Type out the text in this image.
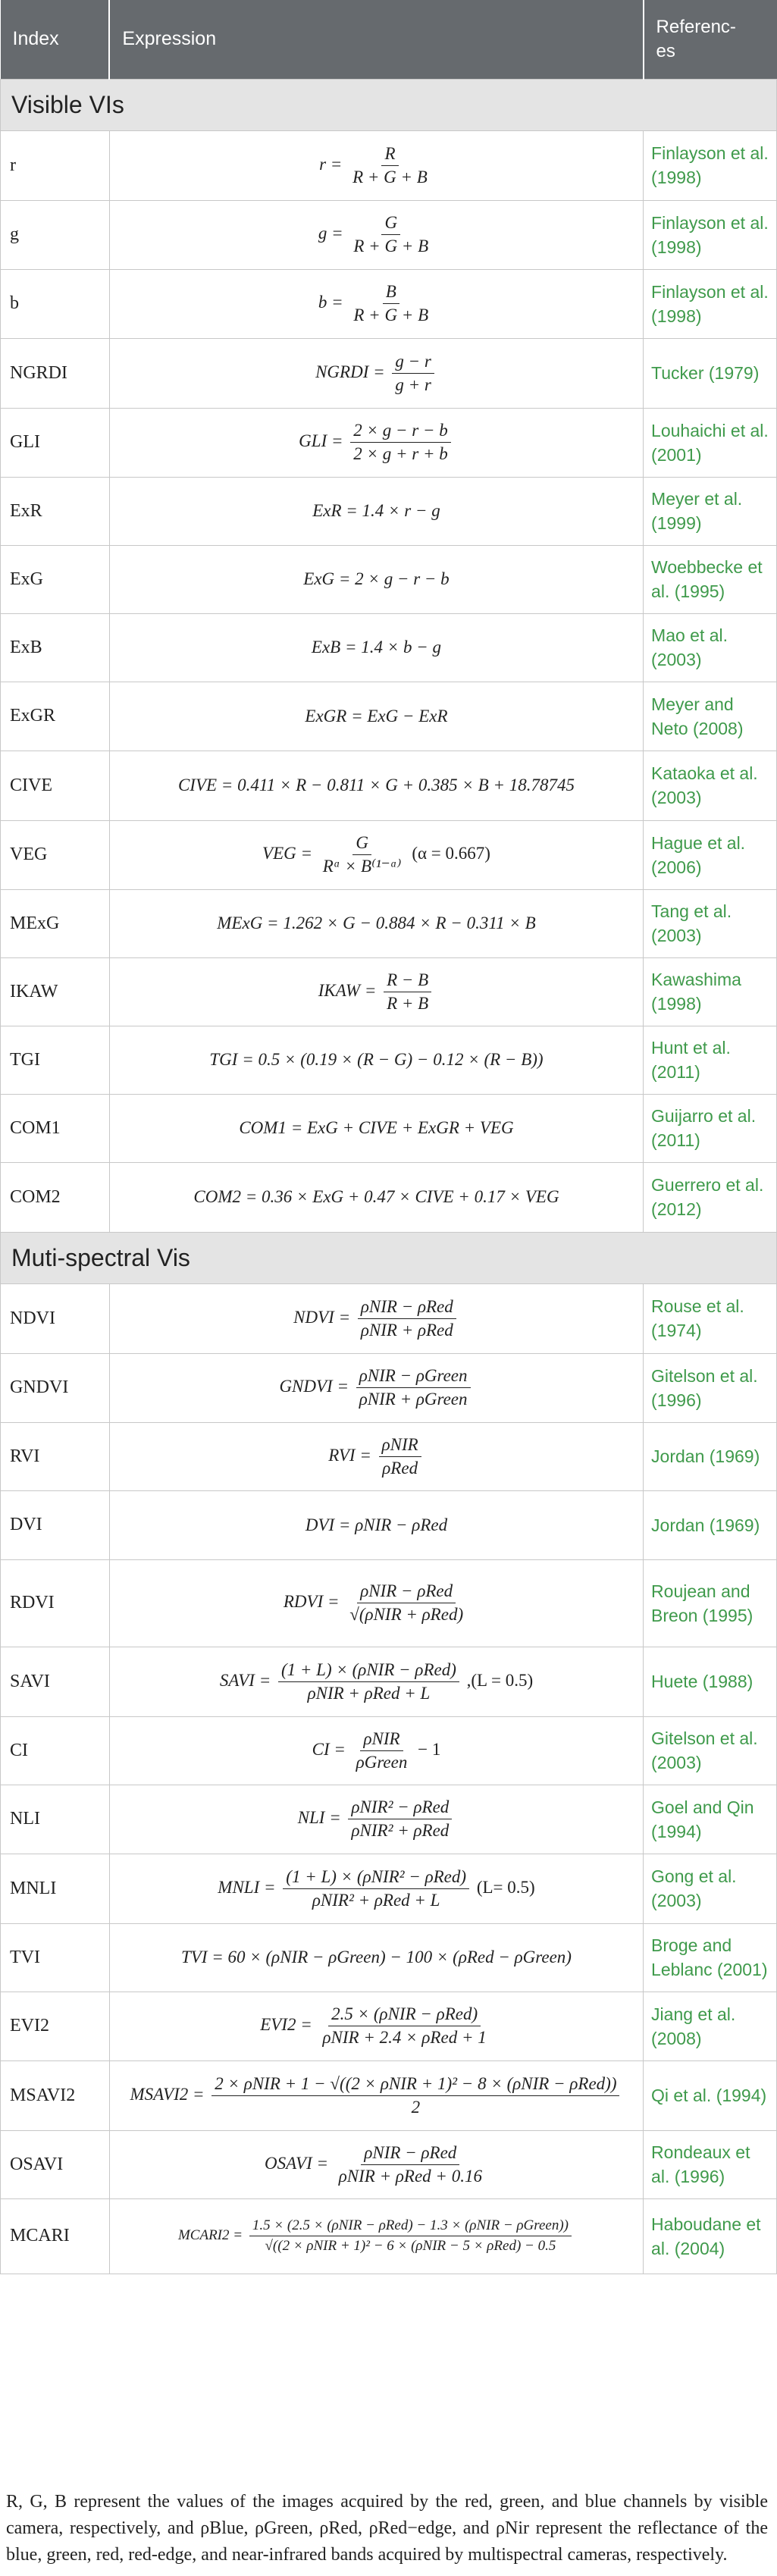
Index	Expression	Referenc-
es
Visible VIs		
r	$r = \frac{R}{R + G + B}$	Finlayson et al. (1998)
g	$g = \frac{G}{R + G + B}$	Finlayson et al. (1998)
b	$b = \frac{B}{R + G + B}$	Finlayson et al. (1998)
NGRDI	NGRDI = $\frac{g - r}{g + r}$	Tucker (1979)
GLI	GLI = $\frac{2 \times g - r - b}{2 \times g + r + b}$	Louhaichi et al. (2001)
ExR	ExR = 1.4 × r − g	Meyer et al. (1999)
ExG	ExG = 2 × g − r − b	Woebbecke et al. (1995)
ExB	ExB = 1.4 × b − g	Mao et al. (2003)
ExGR	ExGR = ExG − ExR	Meyer and Neto (2008)
CIVE	CIVE = 0.411 × R − 0.811 × G + 0.385 × B + 18.78745	Kataoka et al. (2003)
VEG	VEG = $\frac{G}{\text{Rᵅ × B⁽¹⁻ᵅ⁾}} (\alpha = 0.667)$	Hague et al. (2006)
MExG	MExG = 1.262 × G − 0.884 × R − 0.311 × B	Tang et al. (2003)
IKAW	IKAW = $\frac{R - B}{R + B}$	Kawashima (1998)
TGI	TGI = 0.5 × (0.19 × (R − G) − 0.12 × (R − B))	Hunt et al. (2011)
COM1	COM1 = ExG + CIVE + ExGR + VEG	Guijarro et al. (2011)
COM2	COM2 = 0.36 × ExG + 0.47 × CIVE + 0.17 × VEG	Guerrero et al. (2012)
Muti-spectral Vis		
NDVI	NDVI = $\frac{\text{ρNIR − ρRed}}{\text{ρNIR + ρRed}}$	Rouse et al. (1974)
GNDVI	GNDVI = $\frac{\text{ρNIR − ρGreen}}{\text{ρNIR + ρGreen}}$	Gitelson et al. (1996)
RVI	RVI = $\frac{\text{ρNIR}}{\text{ρRed}}$	Jordan (1969)
DVI	DVI = ρNIR − ρRed	Jordan (1969)
RDVI	RDVI = $\frac{\text{ρNIR − ρRed}}{\text{√(ρNIR + ρRed)}}$	Roujean and Breon (1995)
SAVI	SAVI = $\frac{\text{(1 + L) × (ρNIR − ρRed)}}{\text{ρNIR + ρRed + L}} ,(L = 0.5)$	Huete (1988)
CI	CI = $\frac{\text{ρNIR}}{\text{ρGreen}} - 1$	Gitelson et al. (2003)
NLI	NLI = $\frac{\text{ρNIR² − ρRed}}{\text{ρNIR² + ρRed}}$	Goel and Qin (1994)
MNLI	MNLI = $\frac{\text{(1 + L) × (ρNIR² − ρRed)}}{\text{ρNIR² + ρRed + L}} (L= 0.5)$	Gong et al. (2003)
TVI	TVI = 60 × (ρNIR − ρGreen) − 100 × (ρRed − ρGreen)	Broge and Leblanc (2001)
EVI2	$EVI2 = \frac{\text{2.5 × (ρNIR − ρRed)}}{\text{ρNIR + 2.4 × ρRed + 1}}$	Jiang et al. (2008)
MSAVI2	MSAVI2 = $\frac{\text{2 × ρNIR + 1 − √((2 × ρNIR + 1)² − 8 × (ρNIR − ρRed))}}{2}$	Qi et al. (1994)
OSAVI	OSAVI = $\frac{\text{ρNIR − ρRed}}{\text{ρNIR + ρRed + 0.16}}$	Rondeaux et al. (1996)
MCARI	MCARI2 = $\frac{\text{1.5 × (2.5 × (ρNIR − ρRed) − 1.3 × (ρNIR − ρGreen))}}{\text{√((2 × ρNIR + 1)² − 6 × (ρNIR − 5 × ρRed) − 0.5}}$	Haboudane et al. (2004)

R, G, B represent the values of the images acquired by the red, green, and blue channels by visible camera, respectively, and ρBlue, ρGreen, ρRed, ρRed−edge, and ρNir represent the reflectance of the blue, green, red, red-edge, and near-infrared bands acquired by multispectral cameras, respectively.
